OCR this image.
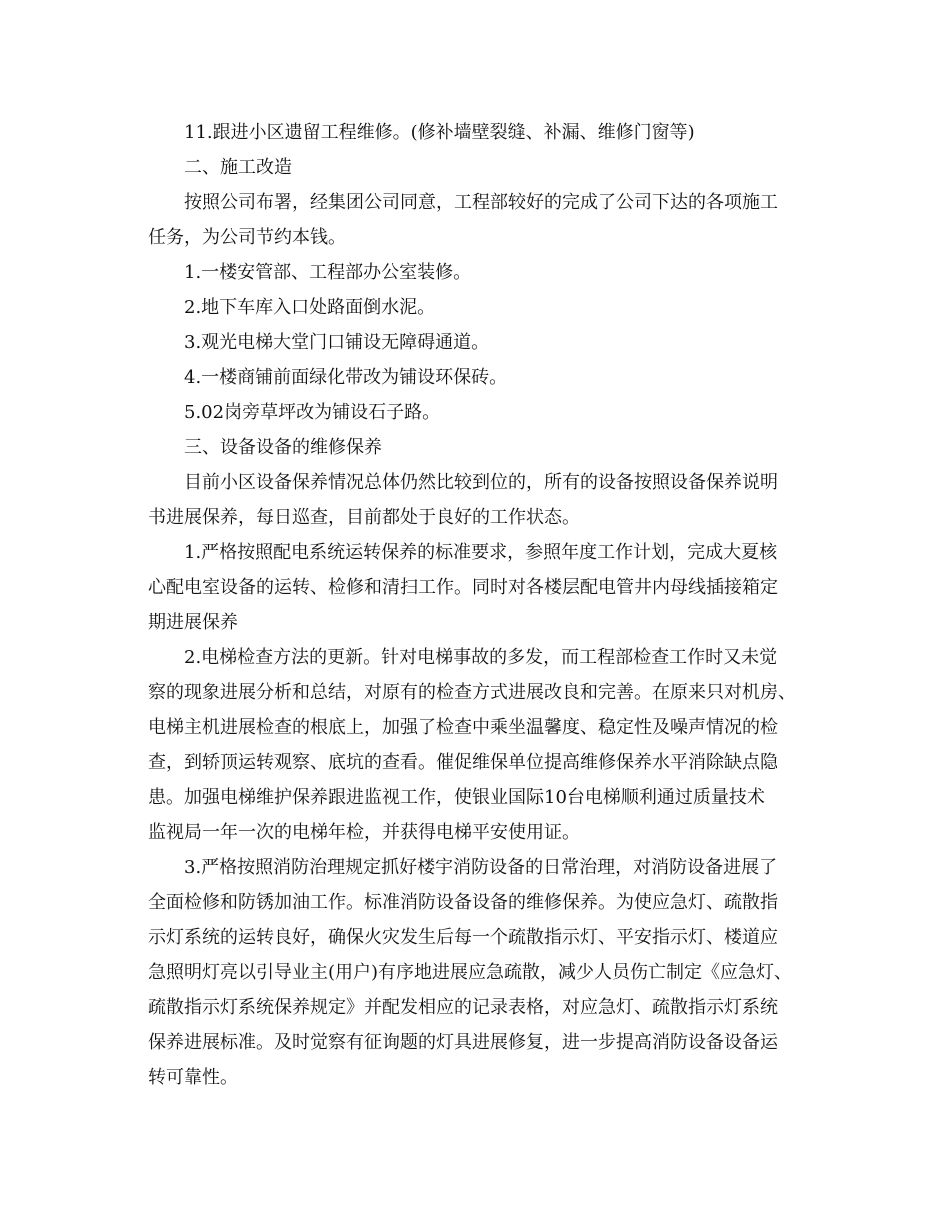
11.跟进小区遗留工程维修。(修补墙壁裂缝、补漏、维修门窗等)

二、施工改造

按照公司布署，经集团公司同意，工程部较好的完成了公司下达的各项施工

任务，为公司节约本钱。

1.一楼安管部、工程部办公室装修。

2.地下车库入口处路面倒水泥。

3.观光电梯大堂门口铺设无障碍通道。

4.一楼商铺前面绿化带改为铺设环保砖。

5.02岗旁草坪改为铺设石子路。

三、设备设备的维修保养

目前小区设备保养情况总体仍然比较到位的，所有的设备按照设备保养说明

书进展保养，每日巡查，目前都处于良好的工作状态。

1.严格按照配电系统运转保养的标准要求，参照年度工作计划，完成大夏核

心配电室设备的运转、检修和清扫工作。同时对各楼层配电管井内母线插接箱定

期进展保养

2.电梯检查方法的更新。针对电梯事故的多发，而工程部检查工作时又未觉

察的现象进展分析和总结，对原有的检查方式进展改良和完善。在原来只对机房、

电梯主机进展检查的根底上，加强了检查中乘坐温馨度、稳定性及噪声情况的检

查，到轿顶运转观察、底坑的查看。催促维保单位提高维修保养水平消除缺点隐

患。加强电梯维护保养跟进监视工作，使银业国际10台电梯顺利通过质量技术

监视局一年一次的电梯年检，并获得电梯平安使用证。

3.严格按照消防治理规定抓好楼宇消防设备的日常治理，对消防设备进展了

全面检修和防锈加油工作。标准消防设备设备的维修保养。为使应急灯、疏散指

示灯系统的运转良好，确保火灾发生后每一个疏散指示灯、平安指示灯、楼道应

急照明灯亮以引导业主(用户)有序地进展应急疏散，减少人员伤亡制定《应急灯、

疏散指示灯系统保养规定》并配发相应的记录表格，对应急灯、疏散指示灯系统

保养进展标准。及时觉察有征询题的灯具进展修复，进一步提高消防设备设备运

转可靠性。
